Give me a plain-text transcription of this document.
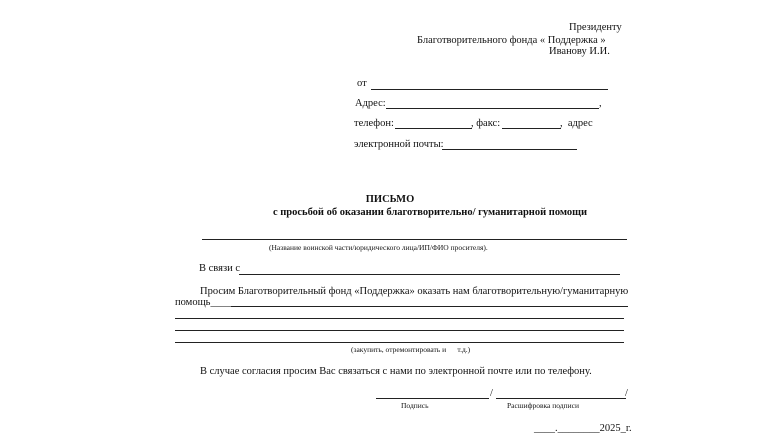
Президенту
Благотворительного фонда « Поддержка »
Иванову И.И.
от
Адрес:	,
телефон:	, факс:	,  адрес
электронной почты:
ПИСЬМО
с просьбой об оказании благотворительно/ гуманитарной помощи
(Название воинской части/юридического лица/ИП/ФИО просителя).
В связи с
Просим Благотворительный фонд «Поддержка» оказать нам благотворительную/гуманитарную
помощь_____
(закупить, отремонтировать и      т.д.)
В случае согласия просим Вас связаться с нами по электронной почте или по телефону.
/	/
Подпись	Расшифровка подписи
____.________2025_г.
